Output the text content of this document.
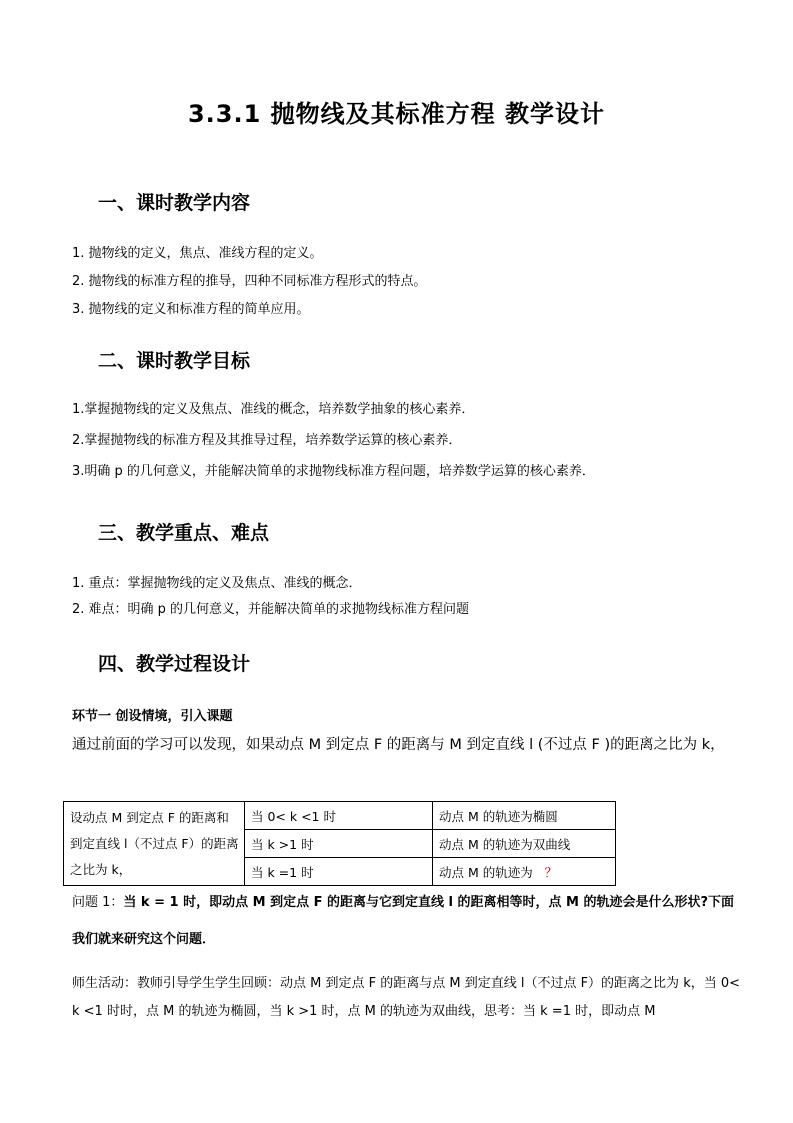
3.3.1 抛物线及其标准方程 教学设计
一、课时教学内容
1. 抛物线的定义，焦点、准线方程的定义。
2. 抛物线的标准方程的推导，四种不同标准方程形式的特点。
3. 抛物线的定义和标准方程的简单应用。
二、课时教学目标
1.掌握抛物线的定义及焦点、准线的概念，培养数学抽象的核心素养．
2.掌握抛物线的标准方程及其推导过程，培养数学运算的核心素养．
3.明确 p 的几何意义，并能解决简单的求抛物线标准方程问题，培养数学运算的核心素养．
三、教学重点、难点
1. 重点：掌握抛物线的定义及焦点、准线的概念．
2. 难点：明确 p 的几何意义，并能解决简单的求抛物线标准方程问题
四、教学过程设计
环节一 创设情境，引入课题
通过前面的学习可以发现，如果动点 M 到定点 F 的距离与 M 到定直线 l (不过点 F )的距离之比为 k，
设动点 M 到定点 F 的距离和到定直线 l（不过点 F）的距离之比为 k，	当 0< k <1 时	动点 M 的轨迹为椭圆
	当 k >1 时	动点 M 的轨迹为双曲线
	当 k =1 时	动点 M 的轨迹为 ？
问题 1：当 k = 1 时，即动点 M 到定点 F 的距离与它到定直线 l 的距离相等时，点 M 的轨迹会是什么形状?下面我们就来研究这个问题．
师生活动：教师引导学生学生回顾：动点 M 到定点 F 的距离与点 M 到定直线 l（不过点 F）的距离之比为 k，当 0< k <1 时时，点 M 的轨迹为椭圆，当 k >1 时，点 M 的轨迹为双曲线，思考：当 k =1 时，即动点 M
